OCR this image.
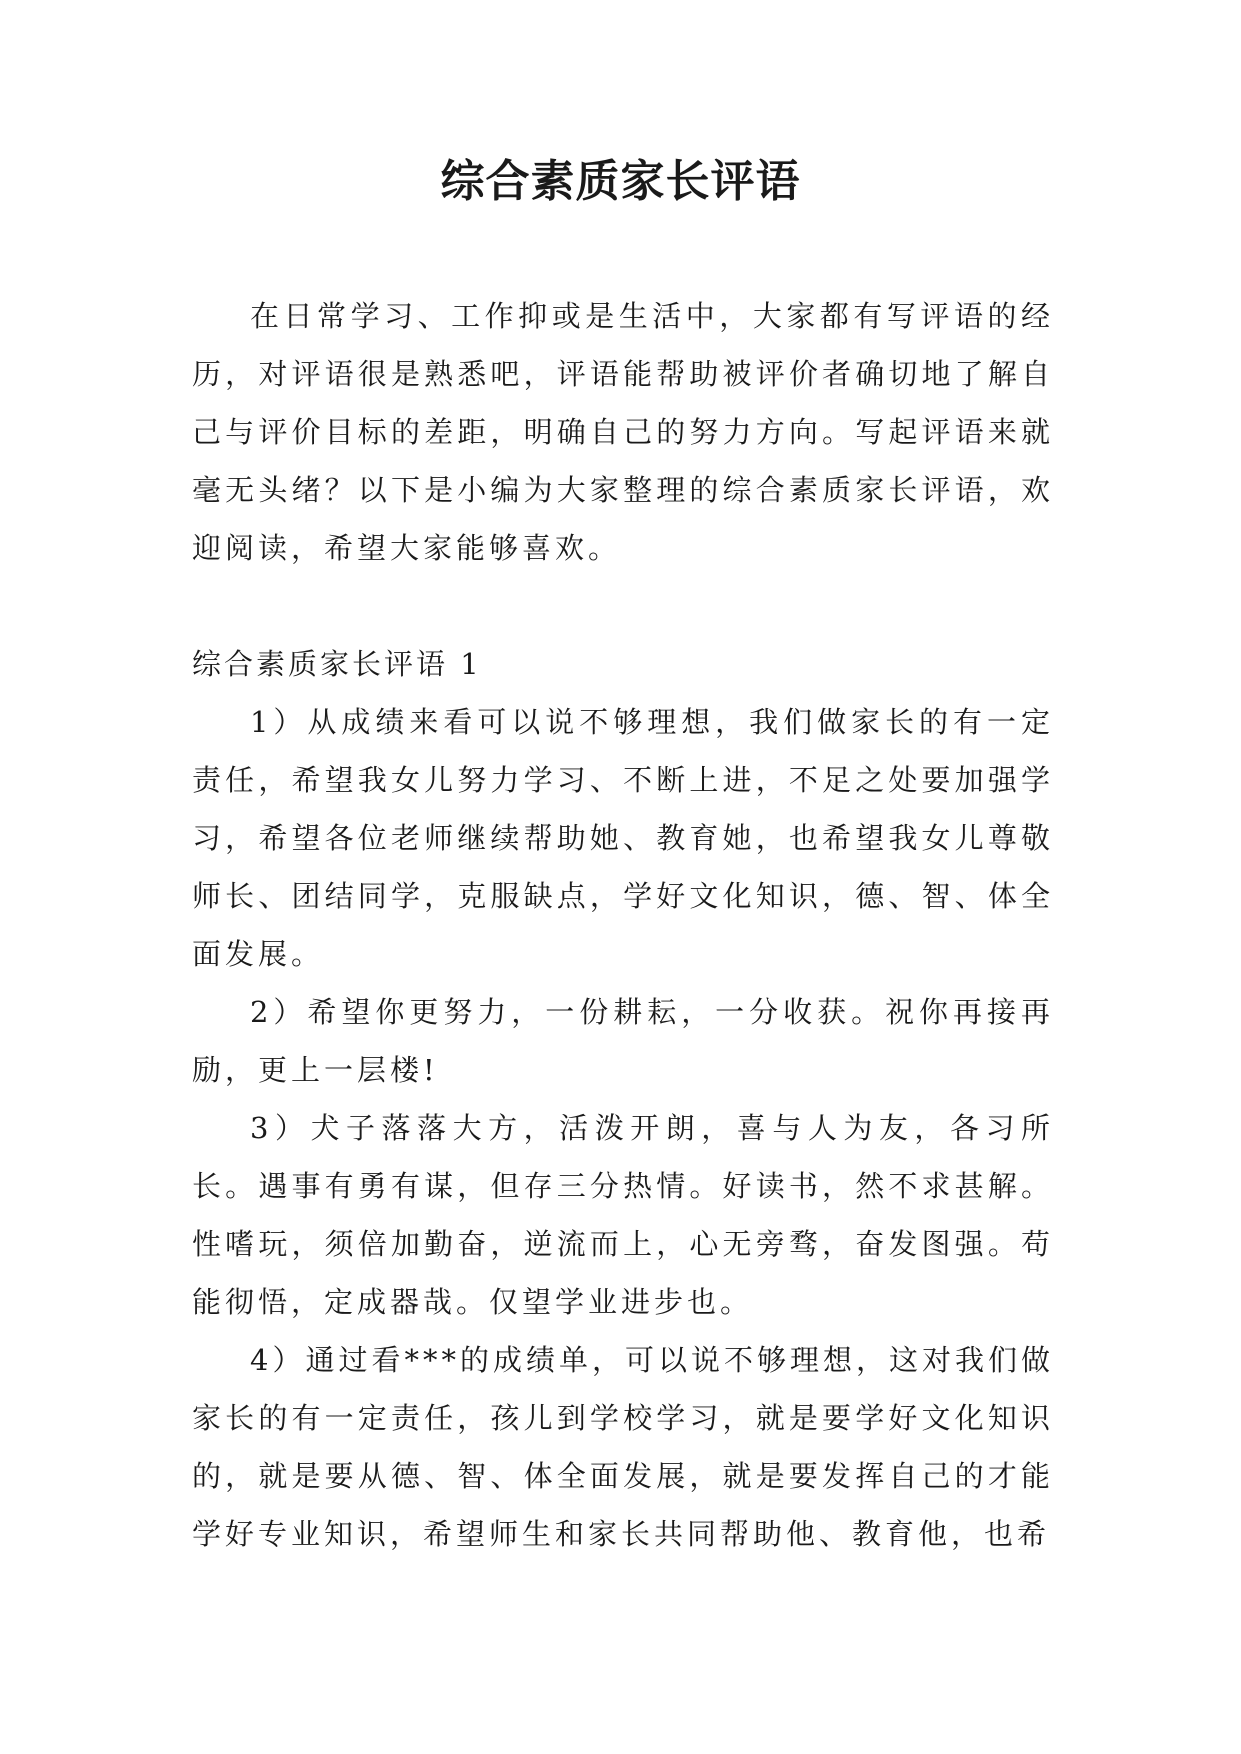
综合素质家长评语

在日常学习、工作抑或是生活中，大家都有写评语的经历，对评语很是熟悉吧，评语能帮助被评价者确切地了解自己与评价目标的差距，明确自己的努力方向。写起评语来就毫无头绪？以下是小编为大家整理的综合素质家长评语，欢迎阅读，希望大家能够喜欢。

综合素质家长评语 1

1）从成绩来看可以说不够理想，我们做家长的有一定责任，希望我女儿努力学习、不断上进，不足之处要加强学习，希望各位老师继续帮助她、教育她，也希望我女儿尊敬师长、团结同学，克服缺点，学好文化知识，德、智、体全面发展。

2）希望你更努力，一份耕耘，一分收获。祝你再接再励，更上一层楼!

3）犬子落落大方，活泼开朗，喜与人为友，各习所长。遇事有勇有谋，但存三分热情。好读书，然不求甚解。性嗜玩，须倍加勤奋，逆流而上，心无旁骛，奋发图强。苟能彻悟，定成器哉。仅望学业进步也。

4）通过看***的成绩单，可以说不够理想，这对我们做家长的有一定责任，孩儿到学校学习，就是要学好文化知识的，就是要从德、智、体全面发展，就是要发挥自己的才能学好专业知识，希望师生和家长共同帮助他、教育他，也希
